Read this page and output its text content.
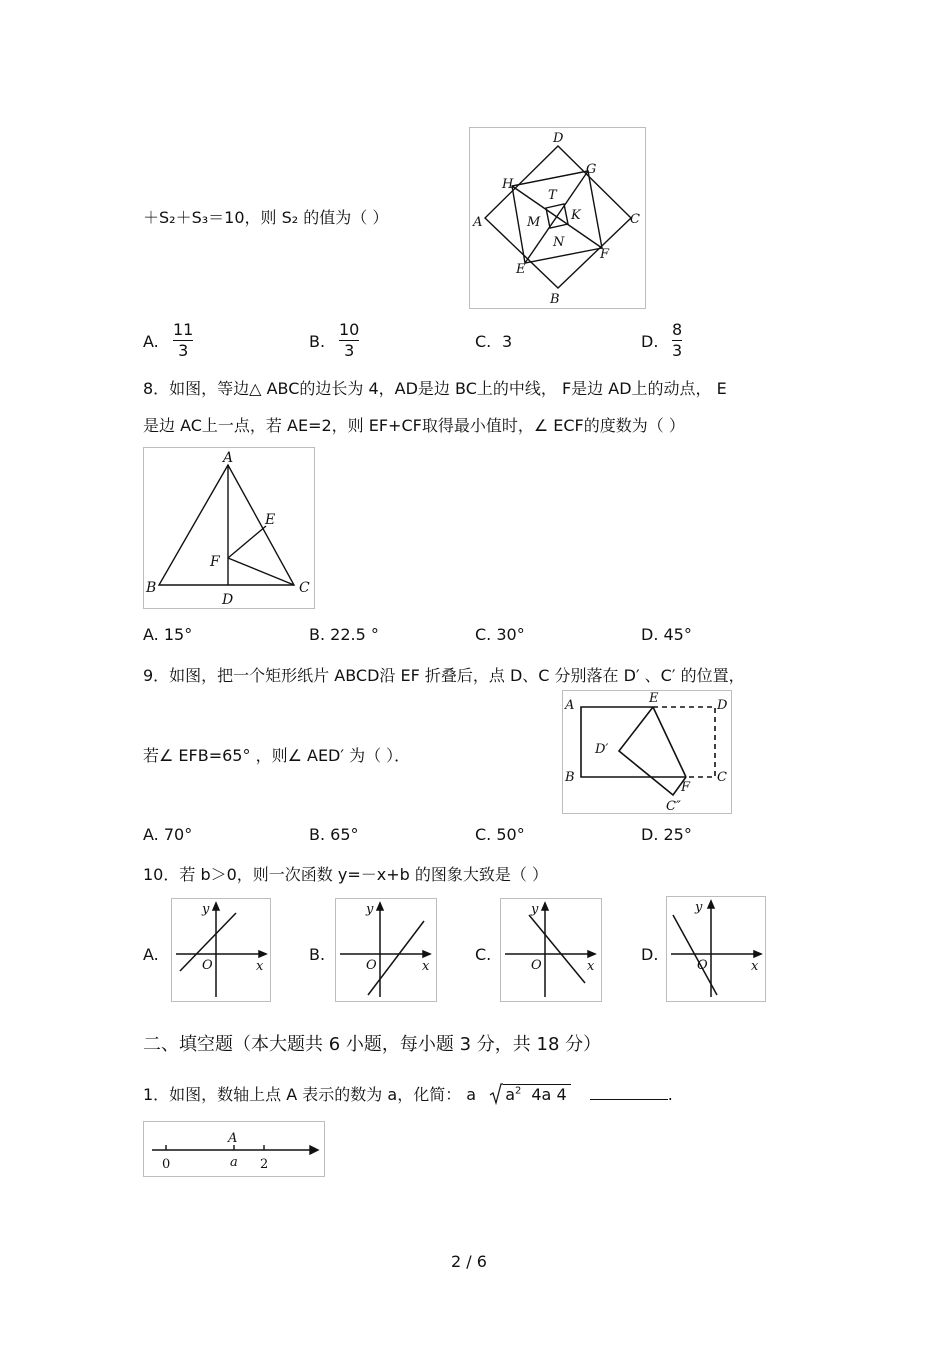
＋S₂＋S₃＝10，则 S₂ 的值为（ ）
D
G
H
T
A	C
M K
N
E
F
B
A.
11
3	B.
10
3	C. 3	D.
8
3
8．如图，等边△ ABC的边长为 4，AD是边 BC上的中线， F是边 AD上的动点， E
是边 AC上一点，若 AE=2，则 EF+CF取得最小值时，∠ ECF的度数为（ ）
A
E
F
B
D
C
A. 15°	B. 22.5 °	C. 30°	D. 45°
9．如图，把一个矩形纸片 ABCD沿 EF 折叠后，点 D、C 分别落在 D′ 、C′ 的位置，
若∠ EFB=65° ，则∠ AED′ 为（ ）．
A	E	D
D′
B	C
F
C″
A. 70°	B. 65°	C. 50°	D. 25°
10．若 b＞0，则一次函数 y=－x+b 的图象大致是（ ）
A.
y
x
O
B.
y
x
O
C.
y
x
O
D.
y
x
O
二、填空题（本大题共 6 小题，每小题 3 分，共 18 分）
1．如图，数轴上点 A 表示的数为 a，化简： a $a^2$ 4a 4	.
A
0	a 2
2 / 6
